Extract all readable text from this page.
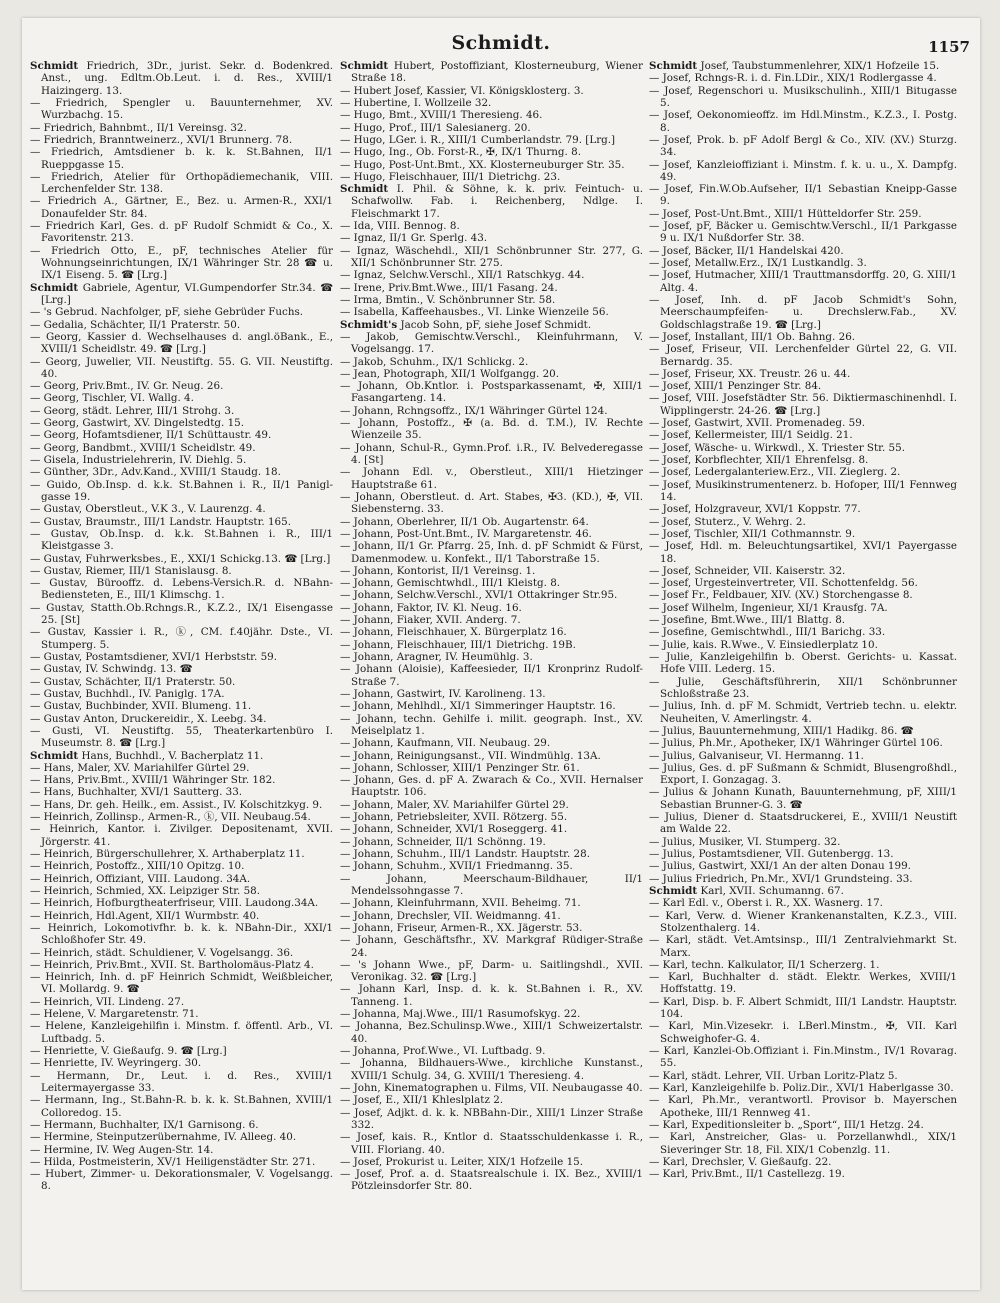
Schmidt.	1157

Schmidt Friedrich, 3Dr., jurist. Sekr. d. Bodenkred. Anst., ung. Edltm.Ob.Leut. i. d. Res., XVIII/1 Haizingerg. 13.

— Friedrich, Spengler u. Bauunternehmer, XV. Wurzbachg. 15.

— Friedrich, Bahnbmt., II/1 Vereinsg. 32.

— Friedrich, Branntweinerz., XVI/1 Brunnerg. 78.

— Friedrich, Amtsdiener b. k. k. St.Bahnen, II/1 Rueppgasse 15.

— Friedrich, Atelier für Orthopädiemechanik, VIII. Lerchenfelder Str. 138.

— Friedrich A., Gärtner, E., Bez. u. Armen-R., XXI/1 Donaufelder Str. 84.

— Friedrich Karl, Ges. d. pF Rudolf Schmidt & Co., X. Favoritenstr. 213.

— Friedrich Otto, E., pF, technisches Atelier für Wohnungseinrichtungen, IX/1 Währinger Str. 28 ☎ u. IX/1 Eiseng. 5. ☎ [Lrg.]

Schmidt Gabriele, Agentur, VI.Gumpendorfer Str.34. ☎ [Lrg.]

— 's Gebrud. Nachfolger, pF, siehe Gebrüder Fuchs.

— Gedalia, Schächter, II/1 Praterstr. 50.

— Georg, Kassier d. Wechselhauses d. angl.öBank., E., XVIII/1 Scheidlstr. 49. ☎ [Lrg.]

— Georg, Juwelier, VII. Neustiftg. 55. G. VII. Neustiftg. 40.

— Georg, Priv.Bmt., IV. Gr. Neug. 26.

— Georg, Tischler, VI. Wallg. 4.

— Georg, städt. Lehrer, III/1 Strohg. 3.

— Georg, Gastwirt, XV. Dingelstedtg. 15.

— Georg, Hofamtsdiener, II/1 Schüttaustr. 49.

— Georg, Bandbmt., XVIII/1 Scheidlstr. 49.

— Gisela, Industrielehrerin, IV. Diehlg. 5.

— Günther, 3Dr., Adv.Kand., XVIII/1 Staudg. 18.

— Guido, Ob.Insp. d. k.k. St.Bahnen i. R., II/1 Panigl-gasse 19.

— Gustav, Oberstleut., V.K 3., V. Laurenzg. 4.

— Gustav, Braumstr., III/1 Landstr. Hauptstr. 165.

— Gustav, Ob.Insp. d. k.k. St.Bahnen i. R., III/1 Kleistgasse 3.

— Gustav, Fuhrwerksbes., E., XXI/1 Schickg.13. ☎ [Lrg.]

— Gustav, Riemer, III/1 Stanislausg. 8.

— Gustav, Bürooffz. d. Lebens-Versich.R. d. NBahn-Bediensteten, E., III/1 Klimschg. 1.

— Gustav, Statth.Ob.Rchngs.R., K.Z.2., IX/1 Eisengasse 25. [St]

— Gustav, Kassier i. R., ⓚ, CM. f.40jähr. Dste., VI. Stumperg. 5.

— Gustav, Postamtsdiener, XVI/1 Herbststr. 59.

— Gustav, IV. Schwindg. 13. ☎

— Gustav, Schächter, II/1 Praterstr. 50.

— Gustav, Buchhdl., IV. Paniglg. 17A.

— Gustav, Buchbinder, XVII. Blumeng. 11.

— Gustav Anton, Druckereidir., X. Leebg. 34.

— Gusti, VI. Neustiftg. 55, Theaterkartenbüro I. Museumstr. 8. ☎ [Lrg.]

Schmidt Hans, Buchhdl., V. Bacherplatz 11.

— Hans, Maler, XV. Mariahilfer Gürtel 29.

— Hans, Priv.Bmt., XVIII/1 Währinger Str. 182.

— Hans, Buchhalter, XVI/1 Sautterg. 33.

— Hans, Dr. geh. Heilk., em. Assist., IV. Kolschitzkyg. 9.

— Heinrich, Zollinsp., Armen-R., ⓚ, VII. Neubaug.54.

— Heinrich, Kantor. i. Zivilger. Depositenamt, XVII. Jörgerstr. 41.

— Heinrich, Bürgerschullehrer, X. Arthaberplatz 11.

— Heinrich, Postoffz., XIII/10 Opitzg. 10.

— Heinrich, Offiziant, VIII. Laudong. 34A.

— Heinrich, Schmied, XX. Leipziger Str. 58.

— Heinrich, Hofburgtheaterfriseur, VIII. Laudong.34A.

— Heinrich, Hdl.Agent, XII/1 Wurmbstr. 40.

— Heinrich, Lokomotivfhr. b. k. k. NBahn-Dir., XXI/1 Schloßhofer Str. 49.

— Heinrich, städt. Schuldiener, V. Vogelsangg. 36.

— Heinrich, Priv.Bmt., XVII. St. Bartholomäus-Platz 4.

— Heinrich, Inh. d. pF Heinrich Schmidt, Weißbleicher, VI. Mollardg. 9. ☎

— Heinrich, VII. Lindeng. 27.

— Helene, V. Margaretenstr. 71.

— Helene, Kanzleigehilfin i. Minstm. f. öffentl. Arb., VI. Luftbadg. 5.

— Henriette, V. Gießaufg. 9. ☎ [Lrg.]

— Henriette, IV. Weyringerg. 30.

— Hermann, Dr., Leut. i. d. Res., XVIII/1 Leitermayergasse 33.

— Hermann, Ing., St.Bahn-R. b. k. k. St.Bahnen, XVIII/1 Colloredog. 15.

— Hermann, Buchhalter, IX/1 Garnisong. 6.

— Hermine, Steinputzerübernahme, IV. Alleeg. 40.

— Hermine, IV. Weg Augen-Str. 14.

— Hilda, Postmeisterin, XV/1 Heiligenstädter Str. 271.

— Hubert, Zimmer- u. Dekorationsmaler, V. Vogelsangg. 8.

Schmidt Hubert, Postoffiziant, Klosterneuburg, Wiener Straße 18.

— Hubert Josef, Kassier, VI. Königsklosterg. 3.

— Hubertine, I. Wollzeile 32.

— Hugo, Bmt., XVIII/1 Theresieng. 46.

— Hugo, Prof., III/1 Salesianerg. 20.

— Hugo, LGer. i. R., XIII/1 Cumberlandstr. 79. [Lrg.]

— Hugo, Ing., Ob. Forst-R., ✠, IX/1 Thurng. 8.

— Hugo, Post-Unt.Bmt., XX. Klosterneuburger Str. 35.

— Hugo, Fleischhauer, III/1 Dietrichg. 23.

Schmidt I. Phil. & Söhne, k. k. priv. Feintuch- u. Schafwollw. Fab. i. Reichenberg, Ndlge. I. Fleischmarkt 17.

— Ida, VIII. Bennog. 8.

— Ignaz, II/1 Gr. Sperlg. 43.

— Ignaz, Wäschehdl., XII/1 Schönbrunner Str. 277, G. XII/1 Schönbrunner Str. 275.

— Ignaz, Selchw.Verschl., XII/1 Ratschkyg. 44.

— Irene, Priv.Bmt.Wwe., III/1 Fasang. 24.

— Irma, Bmtin., V. Schönbrunner Str. 58.

— Isabella, Kaffeehausbes., VI. Linke Wienzeile 56.

Schmidt's Jacob Sohn, pF, siehe Josef Schmidt.

— Jakob, Gemischtw.Verschl., Kleinfuhrmann, V. Vogelsangg. 17.

— Jakob, Schuhm., IX/1 Schlickg. 2.

— Jean, Photograph, XII/1 Wolfgangg. 20.

— Johann, Ob.Kntlor. i. Postsparkassenamt, ✠, XIII/1 Fasangarteng. 14.

— Johann, Rchngsoffz., IX/1 Währinger Gürtel 124.

— Johann, Postoffz., ✠ (a. Bd. d. T.M.), IV. Rechte Wienzeile 35.

— Johann, Schul-R., Gymn.Prof. i.R., IV. Belvederegasse 4. [St]

— Johann Edl. v., Oberstleut., XIII/1 Hietzinger Hauptstraße 61.

— Johann, Oberstleut. d. Art. Stabes, ✠3. (KD.), ✠, VII. Siebensterng. 33.

— Johann, Oberlehrer, II/1 Ob. Augartenstr. 64.

— Johann, Post-Unt.Bmt., IV. Margaretenstr. 46.

— Johann, II/1 Gr. Pfarrg. 25, Inh. d. pF Schmidt & Fürst, Damenmodew. u. Konfekt., II/1 Taborstraße 15.

— Johann, Kontorist, II/1 Vereinsg. 1.

— Johann, Gemischtwhdl., III/1 Kleistg. 8.

— Johann, Selchw.Verschl., XVI/1 Ottakringer Str.95.

— Johann, Faktor, IV. Kl. Neug. 16.

— Johann, Fiaker, XVII. Anderg. 7.

— Johann, Fleischhauer, X. Bürgerplatz 16.

— Johann, Fleischhauer, III/1 Dietrichg. 19B.

— Johann, Aragner, IV. Heumühlg. 3.

— Johann (Aloisie), Kaffeesieder, II/1 Kronprinz Rudolf-Straße 7.

— Johann, Gastwirt, IV. Karolineng. 13.

— Johann, Mehlhdl., XI/1 Simmeringer Hauptstr. 16.

— Johann, techn. Gehilfe i. milit. geograph. Inst., XV. Meiselplatz 1.

— Johann, Kaufmann, VII. Neubaug. 29.

— Johann, Reinigungsanst., VII. Windmühlg. 13A.

— Johann, Schlosser, XIII/1 Penzinger Str. 61.

— Johann, Ges. d. pF A. Zwarach & Co., XVII. Hernalser Hauptstr. 106.

— Johann, Maler, XV. Mariahilfer Gürtel 29.

— Johann, Petriebsleiter, XVII. Rötzerg. 55.

— Johann, Schneider, XVI/1 Roseggerg. 41.

— Johann, Schneider, II/1 Schönng. 19.

— Johann, Schuhm., III/1 Landstr. Hauptstr. 28.

— Johann, Schuhm., XVII/1 Friedmanng. 35.

— Johann, Meerschaum-Bildhauer, II/1 Mendelssohngasse 7.

— Johann, Kleinfuhrmann, XVII. Beheimg. 71.

— Johann, Drechsler, VII. Weidmanng. 41.

— Johann, Friseur, Armen-R., XX. Jägerstr. 53.

— Johann, Geschäftsfhr., XV. Markgraf Rüdiger-Straße 24.

— 's Johann Wwe., pF, Darm- u. Saitlingshdl., XVII. Veronikag. 32. ☎ [Lrg.]

— Johann Karl, Insp. d. k. k. St.Bahnen i. R., XV. Tanneng. 1.

— Johanna, Maj.Wwe., III/1 Rasumofskyg. 22.

— Johanna, Bez.Schulinsp.Wwe., XIII/1 Schweizertalstr. 40.

— Johanna, Prof.Wwe., VI. Luftbadg. 9.

— Johanna, Bildhauers-Wwe., kirchliche Kunstanst., XVIII/1 Schulg. 34, G. XVIII/1 Theresieng. 4.

— John, Kinematographen u. Films, VII. Neubaugasse 40.

— Josef, E., XII/1 Khleslplatz 2.

— Josef, Adjkt. d. k. k. NBBahn-Dir., XIII/1 Linzer Straße 332.

— Josef, kais. R., Kntlor d. Staatsschuldenkasse i. R., VIII. Floriang. 40.

— Josef, Prokurist u. Leiter, XIX/1 Hofzeile 15.

— Josef, Prof. a. d. Staatsrealschule i. IX. Bez., XVIII/1 Pötzleinsdorfer Str. 80.

Schmidt Josef, Taubstummenlehrer, XIX/1 Hofzeile 15.

— Josef, Rchngs-R. i. d. Fin.LDir., XIX/1 Rodlergasse 4.

— Josef, Regenschori u. Musikschulinh., XIII/1 Bitugasse 5.

— Josef, Oekonomieoffz. im Hdl.Minstm., K.Z.3., I. Postg. 8.

— Josef, Prok. b. pF Adolf Bergl & Co., XIV. (XV.) Sturzg. 34.

— Josef, Kanzleioffiziant i. Minstm. f. k. u. u., X. Dampfg. 49.

— Josef, Fin.W.Ob.Aufseher, II/1 Sebastian Kneipp-Gasse 9.

— Josef, Post-Unt.Bmt., XIII/1 Hütteldorfer Str. 259.

— Josef, pF, Bäcker u. Gemischtw.Verschl., II/1 Parkgasse 9 u. IX/1 Nußdorfer Str. 38.

— Josef, Bäcker, II/1 Handelskai 420.

— Josef, Metallw.Erz., IX/1 Lustkandlg. 3.

— Josef, Hutmacher, XIII/1 Trauttmansdorffg. 20, G. XIII/1 Altg. 4.

— Josef, Inh. d. pF Jacob Schmidt's Sohn, Meerschaumpfeifen- u. Drechslerw.Fab., XV. Goldschlagstraße 19. ☎ [Lrg.]

— Josef, Installant, III/1 Ob. Bahng. 26.

— Josef, Friseur, VII. Lerchenfelder Gürtel 22, G. VII. Bernardg. 35.

— Josef, Friseur, XX. Treustr. 26 u. 44.

— Josef, XIII/1 Penzinger Str. 84.

— Josef, VIII. Josefstädter Str. 56. Diktiermaschinenhdl. I. Wipplingerstr. 24-26. ☎ [Lrg.]

— Josef, Gastwirt, XVII. Promenadeg. 59.

— Josef, Kellermeister, III/1 Seidlg. 21.

— Josef, Wäsche- u. Wirkwdl., X. Triester Str. 55.

— Josef, Korbflechter, XII/1 Ehrenfelsg. 8.

— Josef, Ledergalanteriew.Erz., VII. Zieglerg. 2.

— Josef, Musikinstrumentenerz. b. Hofoper, III/1 Fennweg 14.

— Josef, Holzgraveur, XVI/1 Koppstr. 77.

— Josef, Stuterz., V. Wehrg. 2.

— Josef, Tischler, XII/1 Cothmannstr. 9.

— Josef, Hdl. m. Beleuchtungsartikel, XVI/1 Payergasse 18.

— Josef, Schneider, VII. Kaiserstr. 32.

— Josef, Urgesteinvertreter, VII. Schottenfeldg. 56.

— Josef Fr., Feldbauer, XIV. (XV.) Storchengasse 8.

— Josef Wilhelm, Ingenieur, XI/1 Krausfg. 7A.

— Josefine, Bmt.Wwe., III/1 Blattg. 8.

— Josefine, Gemischtwhdl., III/1 Barichg. 33.

— Julie, kais. R.Wwe., V. Einsiedlerplatz 10.

— Julie, Kanzleigehilfin b. Oberst. Gerichts- u. Kassat. Hofe VIII. Lederg. 15.

— Julie, Geschäftsführerin, XII/1 Schönbrunner Schloßstraße 23.

— Julius, Inh. d. pF M. Schmidt, Vertrieb techn. u. elektr. Neuheiten, V. Amerlingstr. 4.

— Julius, Bauunternehmung, XIII/1 Hadikg. 86. ☎

— Julius, Ph.Mr., Apotheker, IX/1 Währinger Gürtel 106.

— Julius, Galvaniseur, VI. Hermanng. 11.

— Julius, Ges. d. pF Sußmann & Schmidt, Blusengroßhdl., Export, I. Gonzagag. 3.

— Julius & Johann Kunath, Bauunternehmung, pF, XIII/1 Sebastian Brunner-G. 3. ☎

— Julius, Diener d. Staatsdruckerei, E., XVIII/1 Neustift am Walde 22.

— Julius, Musiker, VI. Stumperg. 32.

— Julius, Postamtsdiener, VII. Gutenbergg. 13.

— Julius, Gastwirt, XXI/1 An der alten Donau 199.

— Julius Friedrich, Pn.Mr., XVI/1 Grundsteing. 33.

Schmidt Karl, XVII. Schumanng. 67.

— Karl Edl. v., Oberst i. R., XX. Wasnerg. 17.

— Karl, Verw. d. Wiener Krankenanstalten, K.Z.3., VIII. Stolzenthalerg. 14.

— Karl, städt. Vet.Amtsinsp., III/1 Zentralviehmarkt St. Marx.

— Karl, techn. Kalkulator, II/1 Scherzerg. 1.

— Karl, Buchhalter d. städt. Elektr. Werkes, XVIII/1 Hoffstattg. 19.

— Karl, Disp. b. F. Albert Schmidt, III/1 Landstr. Hauptstr. 104.

— Karl, Min.Vizesekr. i. LBerl.Minstm., ✠, VII. Karl Schweighofer-G. 4.

— Karl, Kanzlei-Ob.Offiziant i. Fin.Minstm., IV/1 Rovarag. 55.

— Karl, städt. Lehrer, VII. Urban Loritz-Platz 5.

— Karl, Kanzleigehilfe b. Poliz.Dir., XVI/1 Haberlgasse 30.

— Karl, Ph.Mr., verantwortl. Provisor b. Mayerschen Apotheke, III/1 Rennweg 41.

— Karl, Expeditionsleiter b. „Sport“, III/1 Hetzg. 24.

— Karl, Anstreicher, Glas- u. Porzellanwhdl., XIX/1 Sieveringer Str. 18, Fil. XIX/1 Cobenzlg. 11.

— Karl, Drechsler, V. Gießaufg. 22.

— Karl, Priv.Bmt., II/1 Castellezg. 19.
